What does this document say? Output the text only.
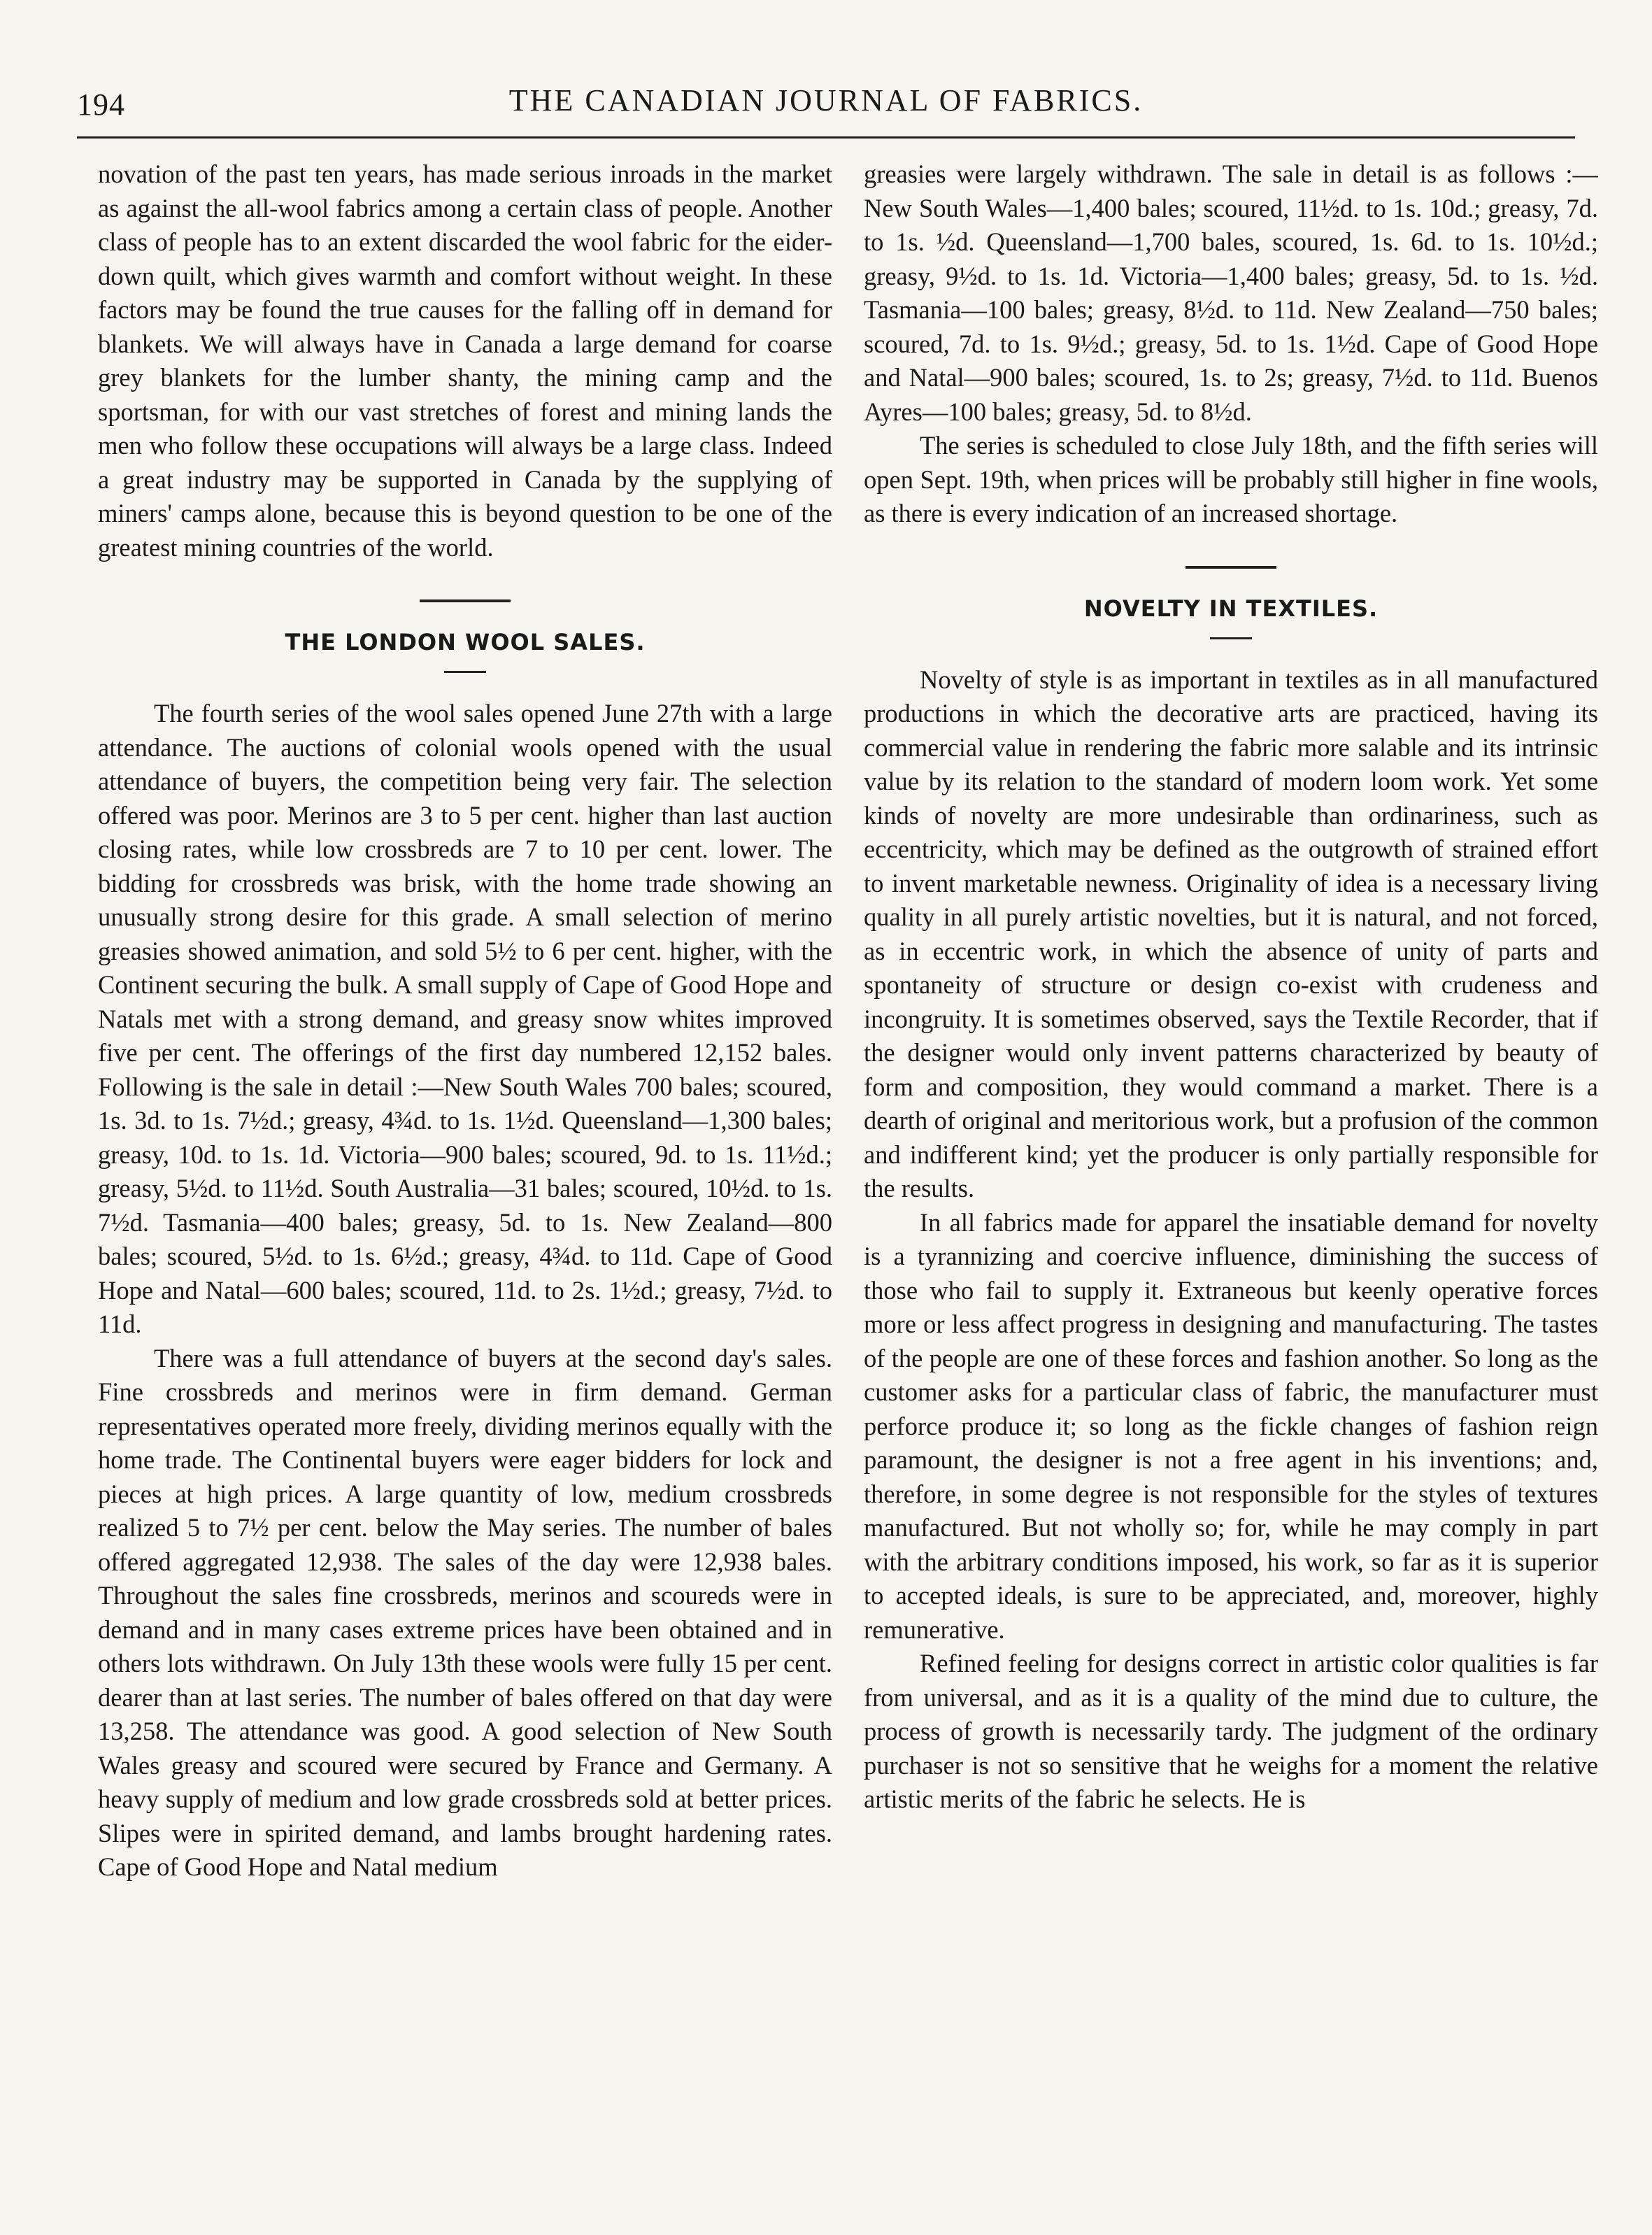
194	THE CANADIAN JOURNAL OF FABRICS.

novation of the past ten years, has made serious inroads in the market as against the all-wool fabrics among a certain class of people. Another class of people has to an extent discarded the wool fabric for the eider-down quilt, which gives warmth and comfort without weight. In these factors may be found the true causes for the falling off in demand for blankets. We will always have in Canada a large demand for coarse grey blankets for the lumber shanty, the mining camp and the sportsman, for with our vast stretches of forest and mining lands the men who follow these occupations will always be a large class. Indeed a great industry may be supported in Canada by the supplying of miners' camps alone, because this is beyond question to be one of the greatest mining countries of the world.

THE LONDON WOOL SALES.

The fourth series of the wool sales opened June 27th with a large attendance. The auctions of colonial wools opened with the usual attendance of buyers, the competition being very fair. The selection offered was poor. Merinos are 3 to 5 per cent. higher than last auction closing rates, while low crossbreds are 7 to 10 per cent. lower. The bidding for crossbreds was brisk, with the home trade showing an unusually strong desire for this grade. A small selection of merino greasies showed animation, and sold 5½ to 6 per cent. higher, with the Continent securing the bulk. A small supply of Cape of Good Hope and Natals met with a strong demand, and greasy snow whites improved five per cent. The offerings of the first day numbered 12,152 bales. Following is the sale in detail :—New South Wales 700 bales; scoured, 1s. 3d. to 1s. 7½d.; greasy, 4¾d. to 1s. 1½d. Queensland—1,300 bales; greasy, 10d. to 1s. 1d. Victoria—900 bales; scoured, 9d. to 1s. 11½d.; greasy, 5½d. to 11½d. South Australia—31 bales; scoured, 10½d. to 1s. 7½d. Tasmania—400 bales; greasy, 5d. to 1s. New Zealand—800 bales; scoured, 5½d. to 1s. 6½d.; greasy, 4¾d. to 11d. Cape of Good Hope and Natal—600 bales; scoured, 11d. to 2s. 1½d.; greasy, 7½d. to 11d.

There was a full attendance of buyers at the second day's sales. Fine crossbreds and merinos were in firm demand. German representatives operated more freely, dividing merinos equally with the home trade. The Continental buyers were eager bidders for lock and pieces at high prices. A large quantity of low, medium crossbreds realized 5 to 7½ per cent. below the May series. The number of bales offered aggregated 12,938. The sales of the day were 12,938 bales. Throughout the sales fine crossbreds, merinos and scoureds were in demand and in many cases extreme prices have been obtained and in others lots withdrawn. On July 13th these wools were fully 15 per cent. dearer than at last series. The number of bales offered on that day were 13,258. The attendance was good. A good selection of New South Wales greasy and scoured were secured by France and Germany. A heavy supply of medium and low grade crossbreds sold at better prices. Slipes were in spirited demand, and lambs brought hardening rates. Cape of Good Hope and Natal medium

greasies were largely withdrawn. The sale in detail is as follows :—New South Wales—1,400 bales; scoured, 11½d. to 1s. 10d.; greasy, 7d. to 1s. ½d. Queensland—1,700 bales, scoured, 1s. 6d. to 1s. 10½d.; greasy, 9½d. to 1s. 1d. Victoria—1,400 bales; greasy, 5d. to 1s. ½d. Tasmania—100 bales; greasy, 8½d. to 11d. New Zealand—750 bales; scoured, 7d. to 1s. 9½d.; greasy, 5d. to 1s. 1½d. Cape of Good Hope and Natal—900 bales; scoured, 1s. to 2s; greasy, 7½d. to 11d. Buenos Ayres—100 bales; greasy, 5d. to 8½d.

The series is scheduled to close July 18th, and the fifth series will open Sept. 19th, when prices will be probably still higher in fine wools, as there is every indication of an increased shortage.

NOVELTY IN TEXTILES.

Novelty of style is as important in textiles as in all manufactured productions in which the decorative arts are practiced, having its commercial value in rendering the fabric more salable and its intrinsic value by its relation to the standard of modern loom work. Yet some kinds of novelty are more undesirable than ordinariness, such as eccentricity, which may be defined as the outgrowth of strained effort to invent marketable newness. Originality of idea is a necessary living quality in all purely artistic novelties, but it is natural, and not forced, as in eccentric work, in which the absence of unity of parts and spontaneity of structure or design co-exist with crudeness and incongruity. It is sometimes observed, says the Textile Recorder, that if the designer would only invent patterns characterized by beauty of form and composition, they would command a market. There is a dearth of original and meritorious work, but a profusion of the common and indifferent kind; yet the producer is only partially responsible for the results.

In all fabrics made for apparel the insatiable demand for novelty is a tyrannizing and coercive influence, diminishing the success of those who fail to supply it. Extraneous but keenly operative forces more or less affect progress in designing and manufacturing. The tastes of the people are one of these forces and fashion another. So long as the customer asks for a particular class of fabric, the manufacturer must perforce produce it; so long as the fickle changes of fashion reign paramount, the designer is not a free agent in his inventions; and, therefore, in some degree is not responsible for the styles of textures manufactured. But not wholly so; for, while he may comply in part with the arbitrary conditions imposed, his work, so far as it is superior to accepted ideals, is sure to be appreciated, and, moreover, highly remunerative.

Refined feeling for designs correct in artistic color qualities is far from universal, and as it is a quality of the mind due to culture, the process of growth is necessarily tardy. The judgment of the ordinary purchaser is not so sensitive that he weighs for a moment the relative artistic merits of the fabric he selects. He is
